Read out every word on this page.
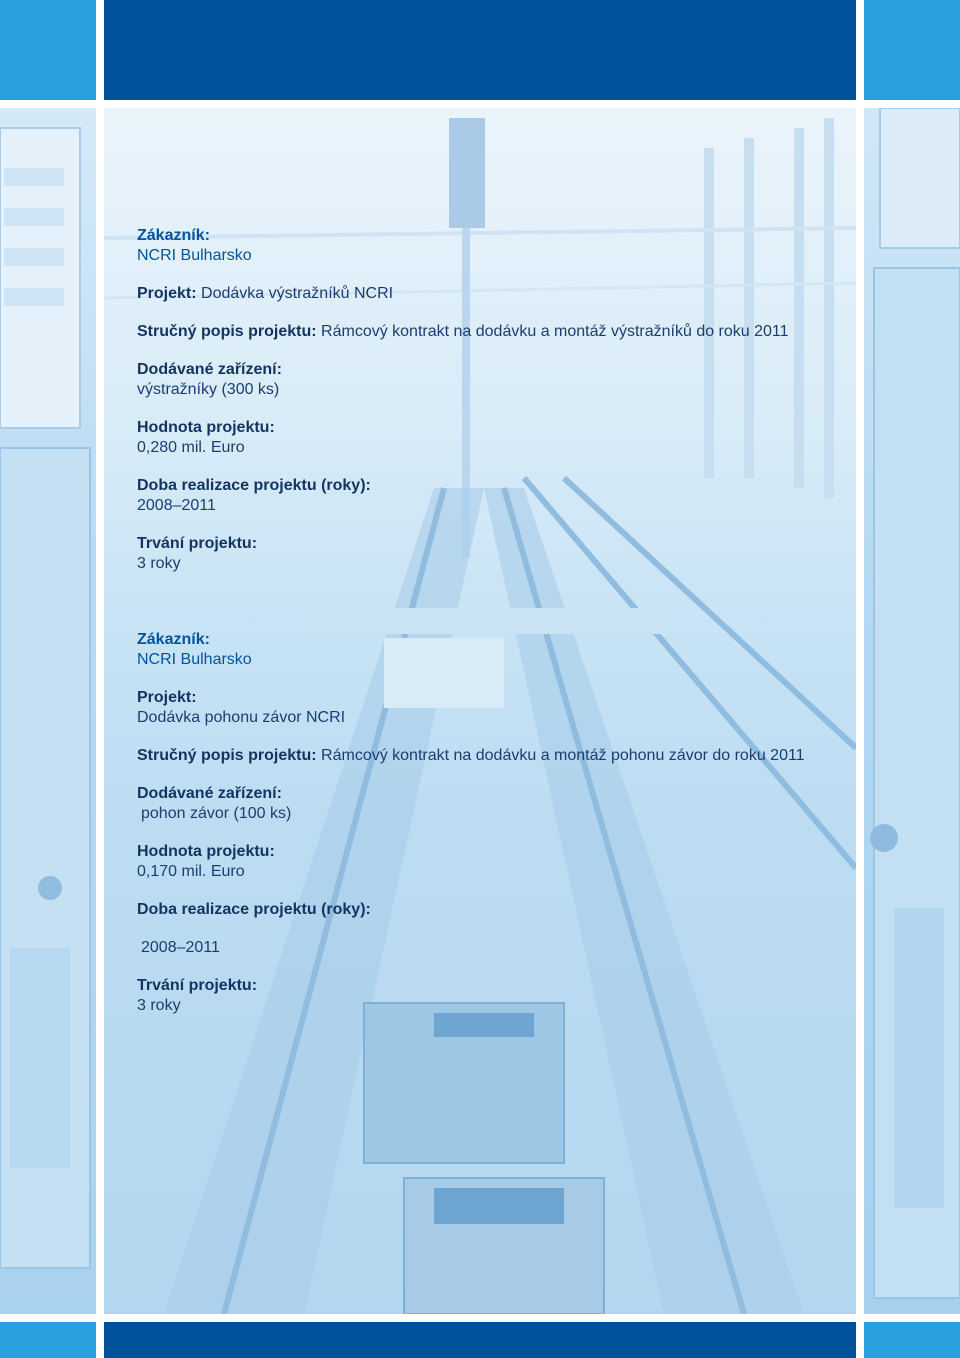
Zákazník:
NCRI Bulharsko
Projekt: Dodávka výstražníků NCRI
Stručný popis projektu: Rámcový kontrakt na dodávku a montáž výstražníků do roku 2011
Dodávané zařízení:
výstražníky (300 ks)
Hodnota projektu:
0,280 mil. Euro
Doba realizace projektu (roky):
2008–2011
Trvání projektu:
3 roky
Zákazník:
NCRI Bulharsko
Projekt:
Dodávka pohonu závor NCRI
Stručný popis projektu: Rámcový kontrakt na dodávku a montáž pohonu závor do roku 2011
Dodávané zařízení:
pohon závor (100 ks)
Hodnota projektu:
0,170 mil. Euro
Doba realizace projektu (roky):
2008–2011
Trvání projektu:
3 roky
